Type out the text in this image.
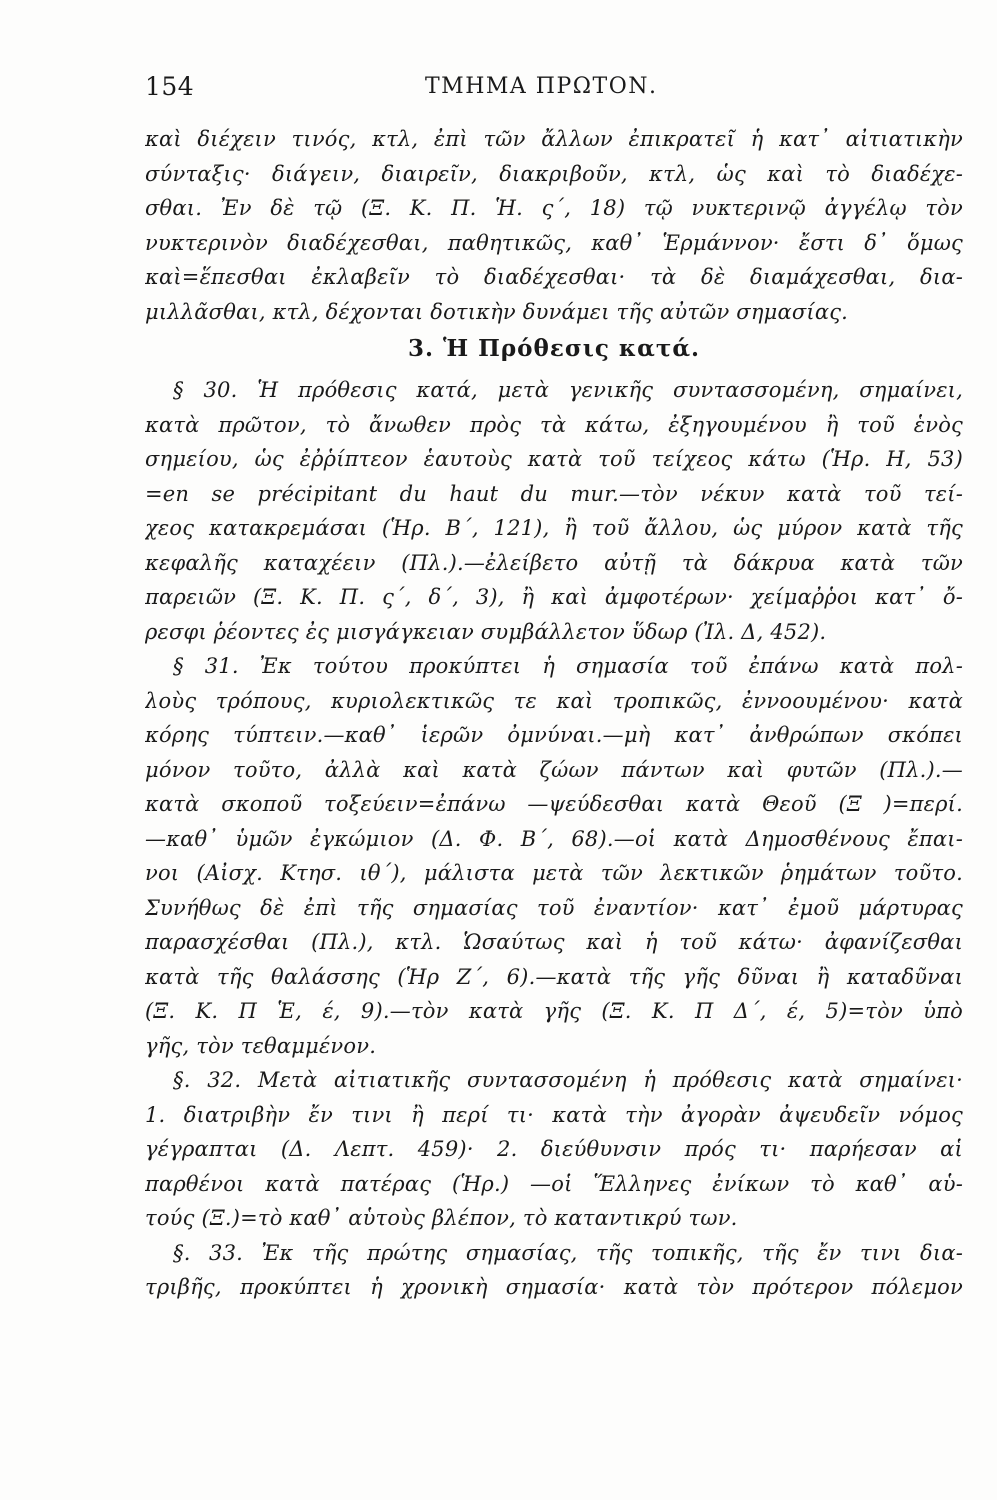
154	ΤΜΗΜΑ ΠΡΩΤΟΝ.
καὶ διέχειν τινός, κτλ, ἐπὶ τῶν ἄλλων ἐπικρατεῖ ἡ κατ᾽ αἰτιατικὴν
σύνταξις· διάγειν, διαιρεῖν, διακριβοῦν, κτλ, ὡς καὶ τὸ διαδέχε-
σθαι. Ἐν δὲ τῷ (Ξ. Κ. Π. Ἡ. ς΄, 18) τῷ νυκτερινῷ ἀγγέλῳ τὸν
νυκτερινὸν διαδέχεσθαι, παθητικῶς, καθ᾽ Ἑρμάννον· ἔστι δ᾽ ὅμως
καὶ=ἕπεσθαι ἐκλαβεῖν τὸ διαδέχεσθαι· τὰ δὲ διαμάχεσθαι, δια-
μιλλᾶσθαι, κτλ, δέχονται δοτικὴν δυνάμει τῆς αὐτῶν σημασίας.
3. Ἡ Πρόθεσις κατά.
§ 30. Ἡ πρόθεσις κατά, μετὰ γενικῆς συντασσομένη, σημαίνει,
κατὰ πρῶτον, τὸ ἄνωθεν πρὸς τὰ κάτω, ἐξηγουμένου ἢ τοῦ ἑνὸς
σημείου, ὡς ἐῤῥίπτεον ἑαυτοὺς κατὰ τοῦ τείχεος κάτω (Ἡρ. Η, 53)
=en se précipitant du haut du mur.—τὸν νέκυν κατὰ τοῦ τεί-
χεος κατακρεμάσαι (Ἡρ. Β΄, 121), ἢ τοῦ ἄλλου, ὡς μύρον κατὰ τῆς
κεφαλῆς καταχέειν (Πλ.).—ἐλείβετο αὐτῇ τὰ δάκρυα κατὰ τῶν
παρειῶν (Ξ. Κ. Π. ς΄, δ΄, 3), ἢ καὶ ἀμφοτέρων· χείμαῤῥοι κατ᾽ ὄ-
ρεσφι ῥέοντες ἐς μισγάγκειαν συμβάλλετον ὕδωρ (Ἰλ. Δ, 452).
§ 31. Ἐκ τούτου προκύπτει ἡ σημασία τοῦ ἐπάνω κατὰ πολ-
λοὺς τρόπους, κυριολεκτικῶς τε καὶ τροπικῶς, ἐννοουμένου· κατὰ
κόρης τύπτειν.—καθ᾽ ἱερῶν ὀμνύναι.—μὴ κατ᾽ ἀνθρώπων σκόπει
μόνον τοῦτο, ἀλλὰ καὶ κατὰ ζώων πάντων καὶ φυτῶν (Πλ.).—
κατὰ σκοποῦ τοξεύειν=ἐπάνω —ψεύδεσθαι κατὰ Θεοῦ (Ξ )=περί.
—καθ᾽ ὑμῶν ἐγκώμιον (Δ. Φ. Β΄, 68).—οἱ κατὰ Δημοσθένους ἔπαι-
νοι (Αἰσχ. Κτησ. ιθ΄), μάλιστα μετὰ τῶν λεκτικῶν ῥημάτων τοῦτο.
Συνήθως δὲ ἐπὶ τῆς σημασίας τοῦ ἐναντίον· κατ᾽ ἐμοῦ μάρτυρας
παρασχέσθαι (Πλ.), κτλ. Ὡσαύτως καὶ ἡ τοῦ κάτω· ἀφανίζεσθαι
κατὰ τῆς θαλάσσης (Ἡρ Ζ΄, 6).—κατὰ τῆς γῆς δῦναι ἢ καταδῦναι
(Ξ. Κ. Π Ἑ, έ, 9).—τὸν κατὰ γῆς (Ξ. Κ. Π Δ΄, έ, 5)=τὸν ὑπὸ
γῆς, τὸν τεθαμμένον.
§. 32. Μετὰ αἰτιατικῆς συντασσομένη ἡ πρόθεσις κατὰ σημαίνει·
1. διατριβὴν ἔν τινι ἢ περί τι· κατὰ τὴν ἀγορὰν ἀψευδεῖν νόμος
γέγραπται (Δ. Λεπτ. 459)· 2. διεύθυνσιν πρός τι· παρήεσαν αἱ
παρθένοι κατὰ πατέρας (Ἡρ.) —οἱ Ἕλληνες ἐνίκων τὸ καθ᾽ αὑ-
τούς (Ξ.)=τὸ καθ᾽ αὑτοὺς βλέπον, τὸ καταντικρύ των.
§. 33. Ἐκ τῆς πρώτης σημασίας, τῆς τοπικῆς, τῆς ἔν τινι δια-
τριβῆς, προκύπτει ἡ χρονικὴ σημασία· κατὰ τὸν πρότερον πόλεμον
